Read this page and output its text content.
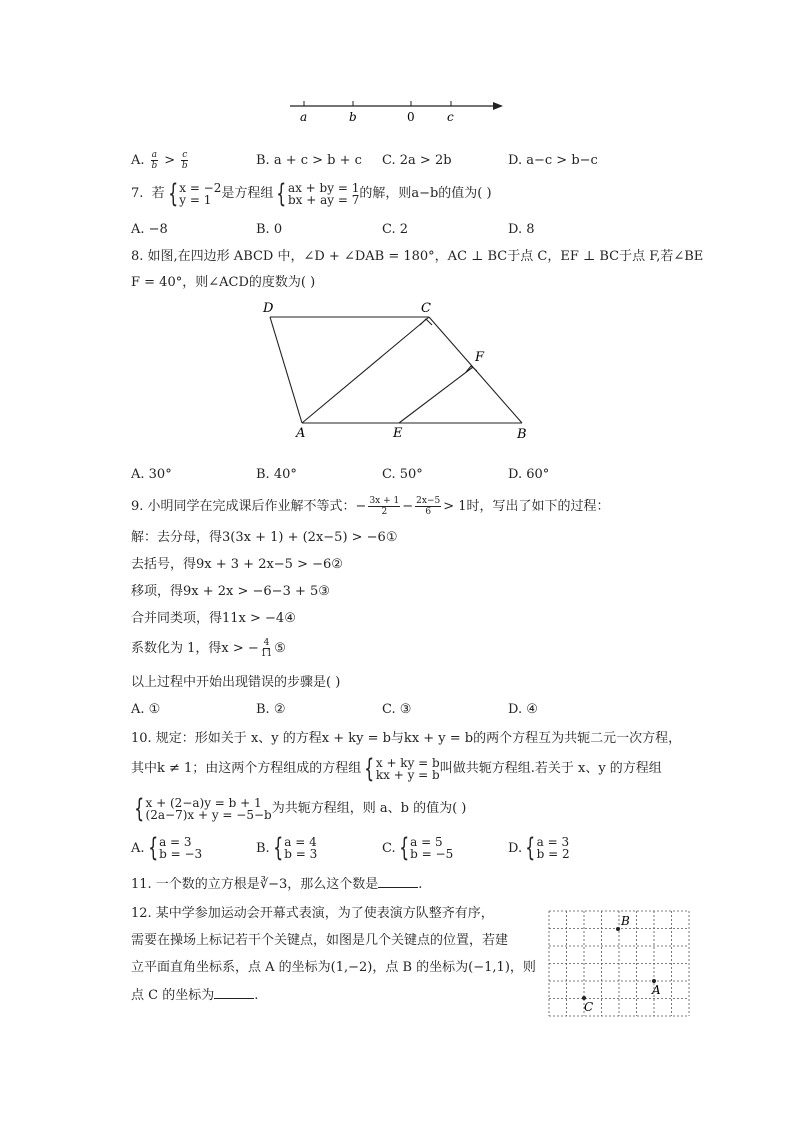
a	b	0	c
A. $\frac{a}{b} > \frac{c}{b}$	B. a + c > b + c C. 2a > 2b	D. a−c > b−c
7.
若 { x = −2
y = 1 是方程组 { ax + by = 1
bx + ay = 7 的解，则a−b的值为( )
A. −8	B. 0	C. 2	D. 8
8. 如图,在四边形 ABCD 中，∠D + ∠DAB = 180°，AC ⊥ BC于点 C，EF ⊥ BC于点 F,若∠BE
F = 40°，则∠ACD的度数为( )
D	C
F
A	E	B
A. 30°	B. 40°	C. 50°	D. 60°
9. 小明同学在完成课后作业解不等式： − $\frac{3x + 1}{2} - \frac{2x-5}{6} > 1$时，写出了如下的过程：
解：去分母，得3(3x + 1) + (2x−5) > −6①
去括号，得9x + 3 + 2x−5 > −6②
移项，得9x + 2x > −6−3 + 5③
合并同类项，得11x > −4④
系数化为 1，得x > − $\frac{4}{11}$ ⑤
以上过程中开始出现错误的步骤是( )
A. ①	B. ②	C. ③	D. ④
10. 规定：形如关于 x、y 的方程x + ky = b与kx + y = b的两个方程互为共轭二元一次方程，
其中k ≠ 1；由这两个方程组成的方程组 { x + ky = b
kx + y = b 叫做共轭方程组.若关于 x、y 的方程组
{ x + (2−a)y = b + 1
(2a−7)x + y = −5−b 为共轭方程组，则 a、b 的值为( )
A. { a = 3
b = −3	B. { a = 4
b = 3	C. { a = 5
b = −5	D. { a = 3
b = 2
11. 一个数的立方根是∛−3，那么这个数是	.
12. 某中学参加运动会开幕式表演，为了使表演方队整齐有序，
需要在操场上标记若干个关键点，如图是几个关键点的位置，若建
立平面直角坐标系，点 A 的坐标为(1,−2)，点 B 的坐标为(−1,1)，则
点 C 的坐标为	.
B
A
C
